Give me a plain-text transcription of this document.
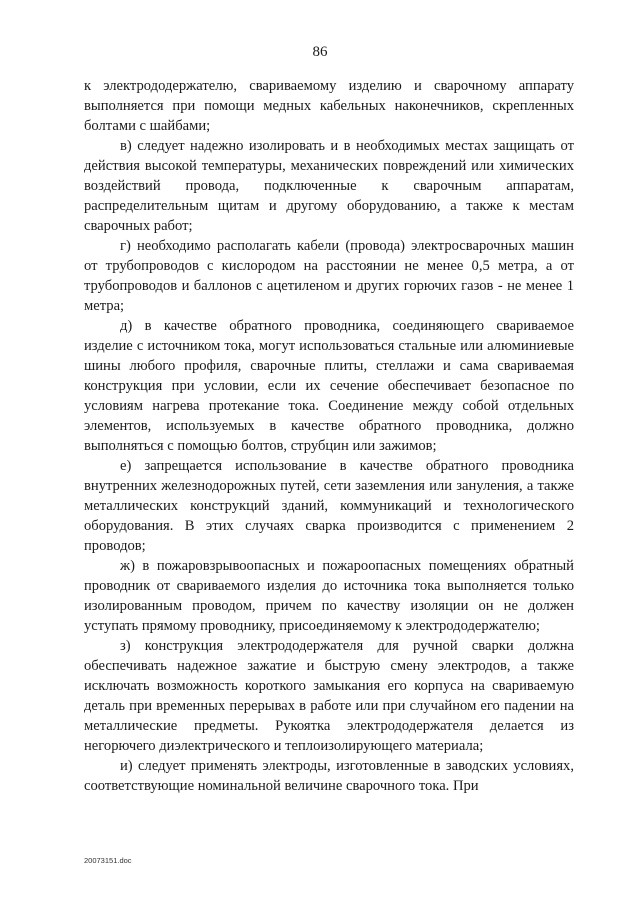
86

к электрододержателю, свариваемому изделию и сварочному аппарату выполняется при помощи медных кабельных наконечников, скрепленных болтами с шайбами;

в) следует надежно изолировать и в необходимых местах защищать от действия высокой температуры, механических повреждений или химических воздействий провода, подключенные к сварочным аппаратам, распределительным щитам и другому оборудованию, а также к местам сварочных работ;

г) необходимо располагать кабели (провода) электросварочных машин от трубопроводов с кислородом на расстоянии не менее 0,5 метра, а от трубопроводов и баллонов с ацетиленом и других горючих газов - не менее 1 метра;

д) в качестве обратного проводника, соединяющего свариваемое изделие с источником тока, могут использоваться стальные или алюминиевые шины любого профиля, сварочные плиты, стеллажи и сама свариваемая конструкция при условии, если их сечение обеспечивает безопасное по условиям нагрева протекание тока. Соединение между собой отдельных элементов, используемых в качестве обратного проводника, должно выполняться с помощью болтов, струбцин или зажимов;

е) запрещается использование в качестве обратного проводника внутренних железнодорожных путей, сети заземления или зануления, а также металлических конструкций зданий, коммуникаций и технологического оборудования. В этих случаях сварка производится с применением 2 проводов;

ж) в пожаровзрывоопасных и пожароопасных помещениях обратный проводник от свариваемого изделия до источника тока выполняется только изолированным проводом, причем по качеству изоляции он не должен уступать прямому проводнику, присоединяемому к электрододержателю;

з) конструкция электрододержателя для ручной сварки должна обеспечивать надежное зажатие и быструю смену электродов, а также исключать возможность короткого замыкания его корпуса на свариваемую деталь при временных перерывах в работе или при случайном его падении на металлические предметы. Рукоятка электрододержателя делается из негорючего диэлектрического и теплоизолирующего материала;

и) следует применять электроды, изготовленные в заводских условиях, соответствующие номинальной величине сварочного тока. При

20073151.doc
